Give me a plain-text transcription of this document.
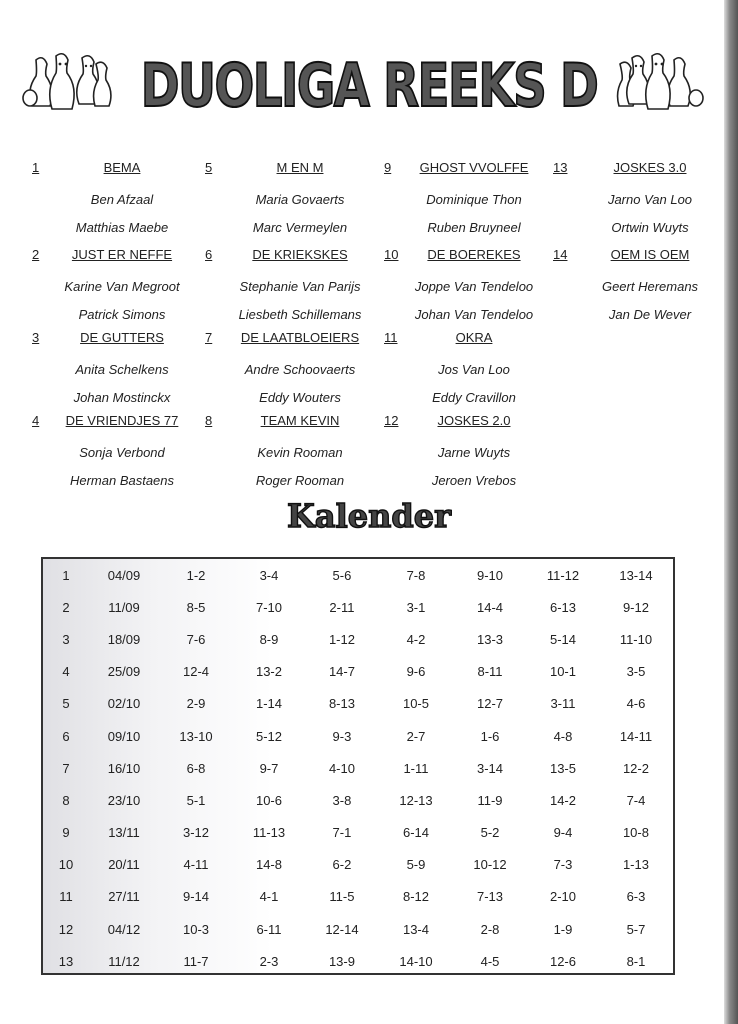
DUOLIGA REEKS D
1	BEMA
Ben Afzaal
Matthias Maebe
2	JUST ER NEFFE
Karine Van Megroot
Patrick Simons
3	DE GUTTERS
Anita Schelkens
Johan Mostinckx
4	DE VRIENDJES 77
Sonja Verbond
Herman Bastaens
5	M EN M
Maria Govaerts
Marc Vermeylen
6	DE KRIEKSKES
Stephanie Van Parijs
Liesbeth Schillemans
7	DE LAATBLOEIERS
Andre Schoovaerts
Eddy Wouters
8	TEAM KEVIN
Kevin Rooman
Roger Rooman
9	GHOST VVOLFFE
Dominique Thon
Ruben Bruyneel
10	DE BOEREKES
Joppe Van Tendeloo
Johan Van Tendeloo
11	OKRA
Jos Van Loo
Eddy Cravillon
12	JOSKES 2.0
Jarne Wuyts
Jeroen Vrebos
13	JOSKES 3.0
Jarno Van Loo
Ortwin Wuyts
14	OEM IS OEM
Geert Heremans
Jan De Wever
Kalender
1	04/09	1-2	3-4	5-6	7-8	9-10	11-12	13-14
2	11/09	8-5	7-10	2-11	3-1	14-4	6-13	9-12
3	18/09	7-6	8-9	1-12	4-2	13-3	5-14	11-10
4	25/09	12-4	13-2	14-7	9-6	8-11	10-1	3-5
5	02/10	2-9	1-14	8-13	10-5	12-7	3-11	4-6
6	09/10	13-10	5-12	9-3	2-7	1-6	4-8	14-11
7	16/10	6-8	9-7	4-10	1-11	3-14	13-5	12-2
8	23/10	5-1	10-6	3-8	12-13	11-9	14-2	7-4
9	13/11	3-12	11-13	7-1	6-14	5-2	9-4	10-8
10	20/11	4-11	14-8	6-2	5-9	10-12	7-3	1-13
11	27/11	9-14	4-1	11-5	8-12	7-13	2-10	6-3
12	04/12	10-3	6-11	12-14	13-4	2-8	1-9	5-7
13	11/12	11-7	2-3	13-9	14-10	4-5	12-6	8-1
